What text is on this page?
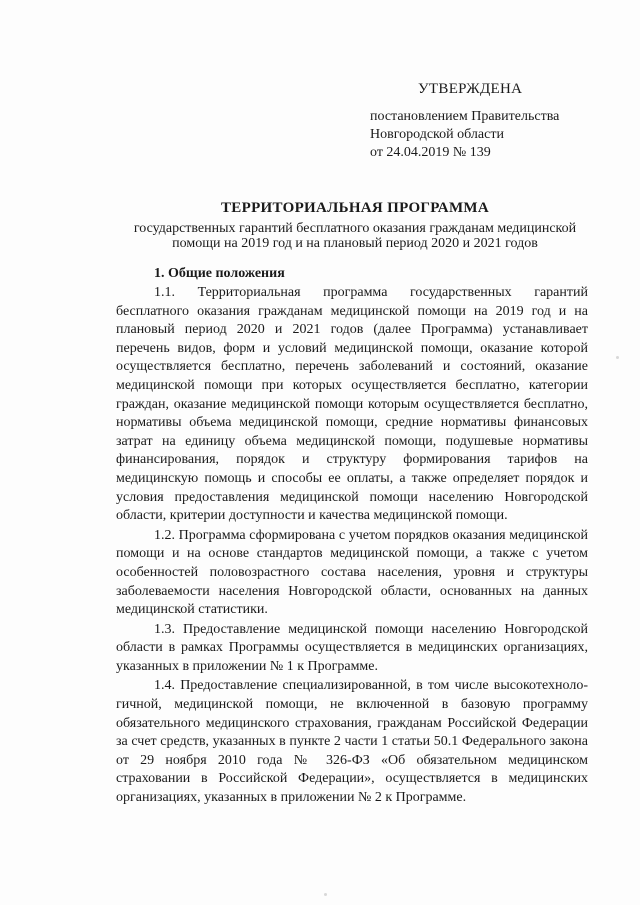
УТВЕРЖДЕНА
постановлением Правительства
Новгородской области
от 24.04.2019 № 139
ТЕРРИТОРИАЛЬНАЯ ПРОГРАММА
государственных гарантий бесплатного оказания гражданам медицинской
помощи на 2019 год и на плановый период 2020 и 2021 годов
1. Общие положения

1.1. Территориальная программа государственных гарантий бесплатного оказания гражданам медицинской помощи на 2019 год и на плановый период 2020 и 2021 годов (далее Программа) устанавливает перечень видов, форм и условий медицинской помощи, оказание которой осуществляется бесплатно, перечень заболеваний и состояний, оказание медицинской помощи при которых осуществляется бесплатно, категории граждан, оказание медицинской помощи которым осуществляется бесплатно, нормативы объема медицинской помощи, средние нормативы финансовых затрат на единицу объема медицинской помощи, подушевые нормативы финансирования, порядок и структуру формирования тарифов на медицинскую помощь и способы ее оплаты, а также определяет порядок и условия предоставления медицинской помощи населению Новгородской области, критерии доступности и качества медицинской помощи.

1.2. Программа сформирована с учетом порядков оказания медицинской помощи и на основе стандартов медицинской помощи, а также с учетом особенностей половозрастного состава населения, уровня и структуры заболеваемости населения Новгородской области, основанных на данных медицинской статистики.

1.3. Предоставление медицинской помощи населению Новгородской области в рамках Программы осуществляется в медицинских организациях, указанных в приложении № 1 к Программе.

1.4. Предоставление специализированной, в том числе высокотехнологичной, медицинской помощи, не включенной в базовую программу обязательного медицинского страхования, гражданам Российской Федерации за счет средств, указанных в пункте 2 части 1 статьи 50.1 Федерального закона от 29 ноября 2010 года № 326-ФЗ «Об обязательном медицинском страховании в Российской Федерации», осуществляется в медицинских организациях, указанных в приложении № 2 к Программе.
